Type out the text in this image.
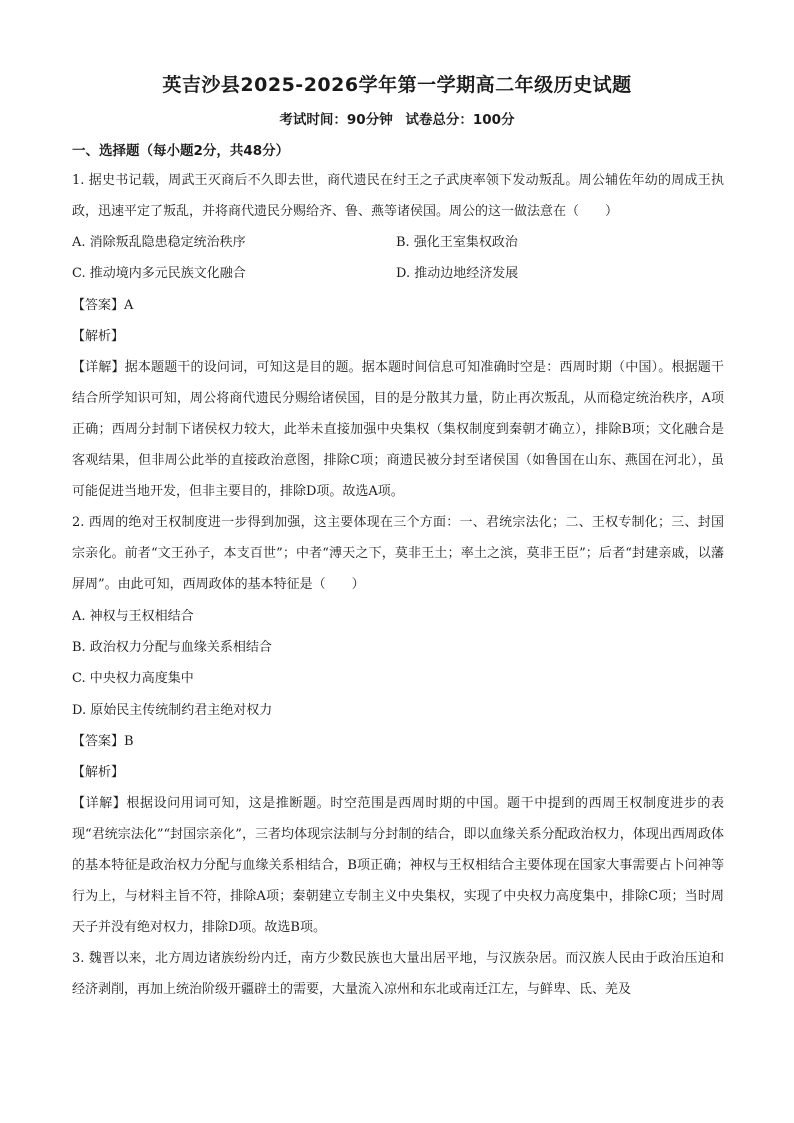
英吉沙县2025-2026学年第一学期高二年级历史试题
考试时间：90分钟 试卷总分：100分
一、选择题（每小题2分，共48分）
1. 据史书记载，周武王灭商后不久即去世，商代遗民在纣王之子武庚率领下发动叛乱。周公辅佐年幼的周成王执政，迅速平定了叛乱，并将商代遗民分赐给齐、鲁、燕等诸侯国。周公的这一做法意在（　　）
A. 消除叛乱隐患稳定统治秩序	B. 强化王室集权政治
C. 推动境内多元民族文化融合	D. 推动边地经济发展
【答案】A
【解析】
【详解】据本题题干的设问词，可知这是目的题。据本题时间信息可知准确时空是：西周时期（中国）。根据题干结合所学知识可知，周公将商代遗民分赐给诸侯国，目的是分散其力量，防止再次叛乱，从而稳定统治秩序，A项正确；西周分封制下诸侯权力较大，此举未直接加强中央集权（集权制度到秦朝才确立），排除B项；文化融合是客观结果，但非周公此举的直接政治意图，排除C项；商遗民被分封至诸侯国（如鲁国在山东、燕国在河北），虽可能促进当地开发，但非主要目的，排除D项。故选A项。
2. 西周的绝对王权制度进一步得到加强，这主要体现在三个方面：一、君统宗法化；二、王权专制化；三、封国宗亲化。前者“文王孙子，本支百世”；中者“溥天之下，莫非王土；率土之滨，莫非王臣”；后者“封建亲戚，以藩屏周”。由此可知，西周政体的基本特征是（　　）
A. 神权与王权相结合
B. 政治权力分配与血缘关系相结合
C. 中央权力高度集中
D. 原始民主传统制约君主绝对权力
【答案】B
【解析】
【详解】根据设问用词可知，这是推断题。时空范围是西周时期的中国。题干中提到的西周王权制度进步的表现“君统宗法化”“封国宗亲化”，三者均体现宗法制与分封制的结合，即以血缘关系分配政治权力，体现出西周政体的基本特征是政治权力分配与血缘关系相结合，B项正确；神权与王权相结合主要体现在国家大事需要占卜问神等行为上，与材料主旨不符，排除A项；秦朝建立专制主义中央集权，实现了中央权力高度集中，排除C项；当时周天子并没有绝对权力，排除D项。故选B项。
3. 魏晋以来，北方周边诸族纷纷内迁，南方少数民族也大量出居平地，与汉族杂居。而汉族人民由于政治压迫和经济剥削，再加上统治阶级开疆辟土的需要，大量流入凉州和东北或南迁江左，与鲜卑、氐、羌及
